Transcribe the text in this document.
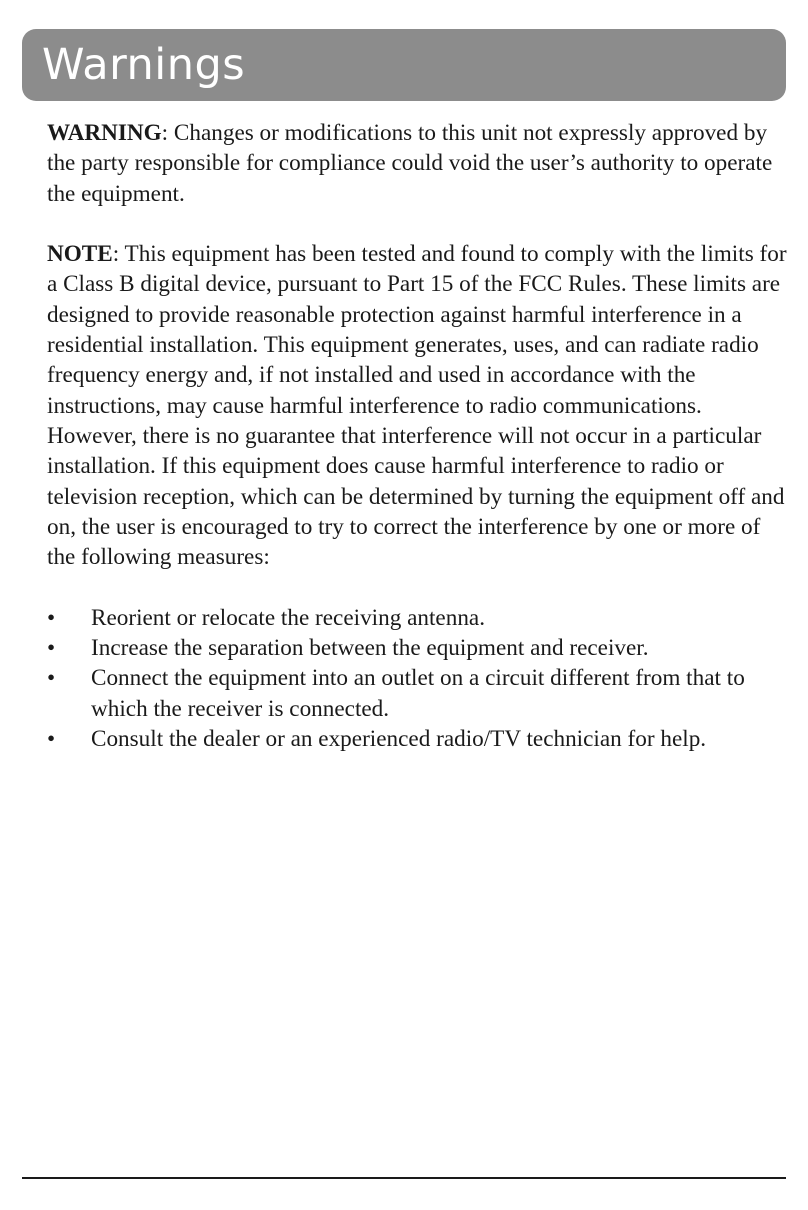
Warnings

WARNING: Changes or modifications to this unit not expressly approved by the party responsible for compliance could void the user’s authority to operate the equipment.

NOTE: This equipment has been tested and found to comply with the limits for a Class B digital device, pursuant to Part 15 of the FCC Rules. These limits are designed to provide reasonable protection against harmful interference in a residential installation. This equipment generates, uses, and can radiate radio frequency energy and, if not installed and used in accordance with the instructions, may cause harmful interference to radio communications. However, there is no guarantee that interference will not occur in a particular installation. If this equipment does cause harmful interference to radio or television reception, which can be determined by turning the equipment off and on, the user is encouraged to try to correct the interference by one or more of the following measures:

• Reorient or relocate the receiving antenna.
• Increase the separation between the equipment and receiver.
• Connect the equipment into an outlet on a circuit different from that to which the receiver is connected.
• Consult the dealer or an experienced radio/TV technician for help.
